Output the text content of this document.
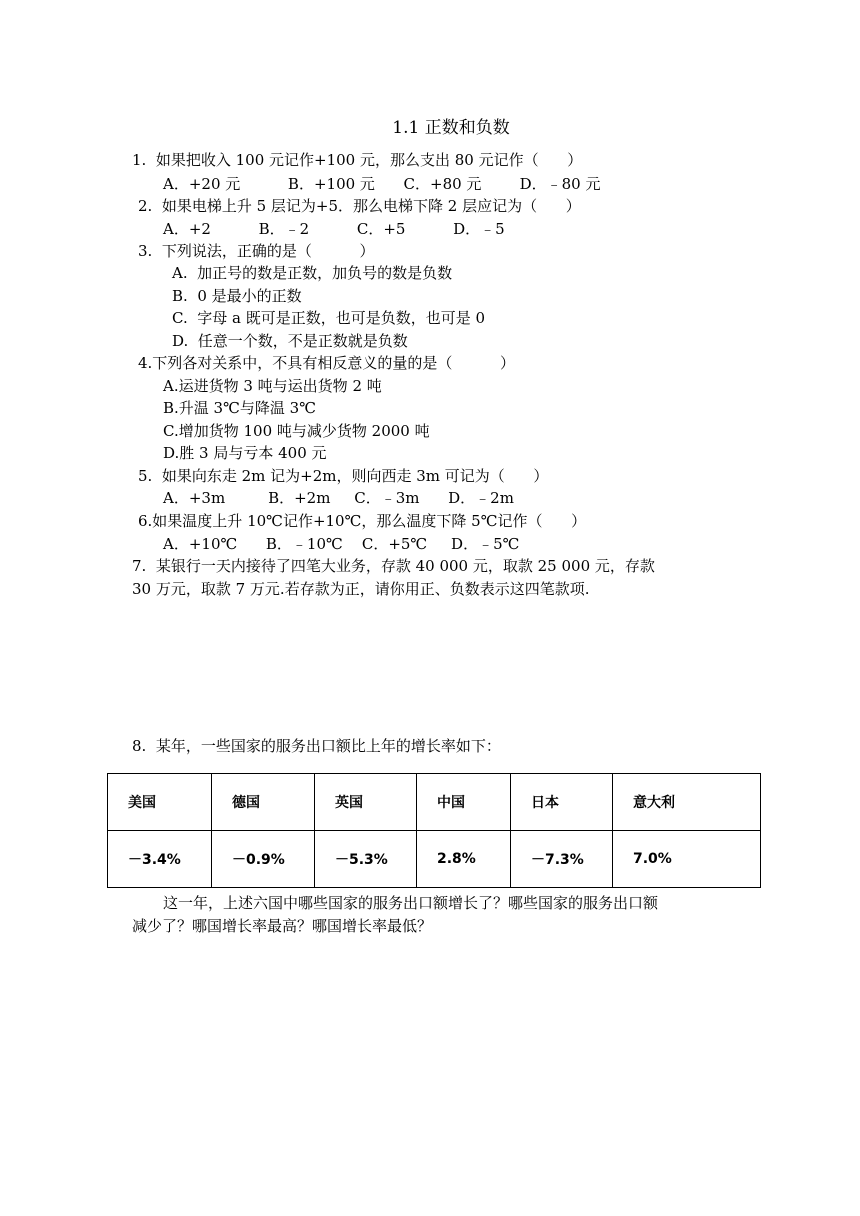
1.1 正数和负数
1.  如果把收入 100 元记作+100 元，那么支出 80 元记作（      ）
A．+20 元          B．+100 元      C．+80 元        D．﹣80 元
2.  如果电梯上升 5 层记为+5．那么电梯下降 2 层应记为（      ）
A．+2          B．﹣2          C．+5          D．﹣5
3.  下列说法，正确的是（          ）
A.  加正号的数是正数，加负号的数是负数
B.  0 是最小的正数
C.  字母 a 既可是正数，也可是负数，也可是 0
D.  任意一个数，不是正数就是负数
4.下列各对关系中，不具有相反意义的量的是（          ）
A.运进货物 3 吨与运出货物 2 吨
B.升温 3℃与降温 3℃
C.增加货物 100 吨与减少货物 2000 吨
D.胜 3 局与亏本 400 元
5.  如果向东走 2m 记为+2m，则向西走 3m 可记为（      ）
A．+3m         B．+2m     C．﹣3m      D．﹣2m
6.如果温度上升 10℃记作+10℃，那么温度下降 5℃记作（      ）
A．+10℃      B．﹣10℃    C．+5℃     D．﹣5℃
7.  某银行一天内接待了四笔大业务，存款 40 000 元，取款 25 000 元，存款
30 万元，取款 7 万元.若存款为正，请你用正、负数表示这四笔款项.
8.  某年，一些国家的服务出口额比上年的增长率如下：
美国	德国	英国	中国	日本	意大利
－3.4%	－0.9%	－5.3%	2.8%	－7.3%	7.0%
这一年，上述六国中哪些国家的服务出口额增长了？哪些国家的服务出口额
减少了？哪国增长率最高？哪国增长率最低？
